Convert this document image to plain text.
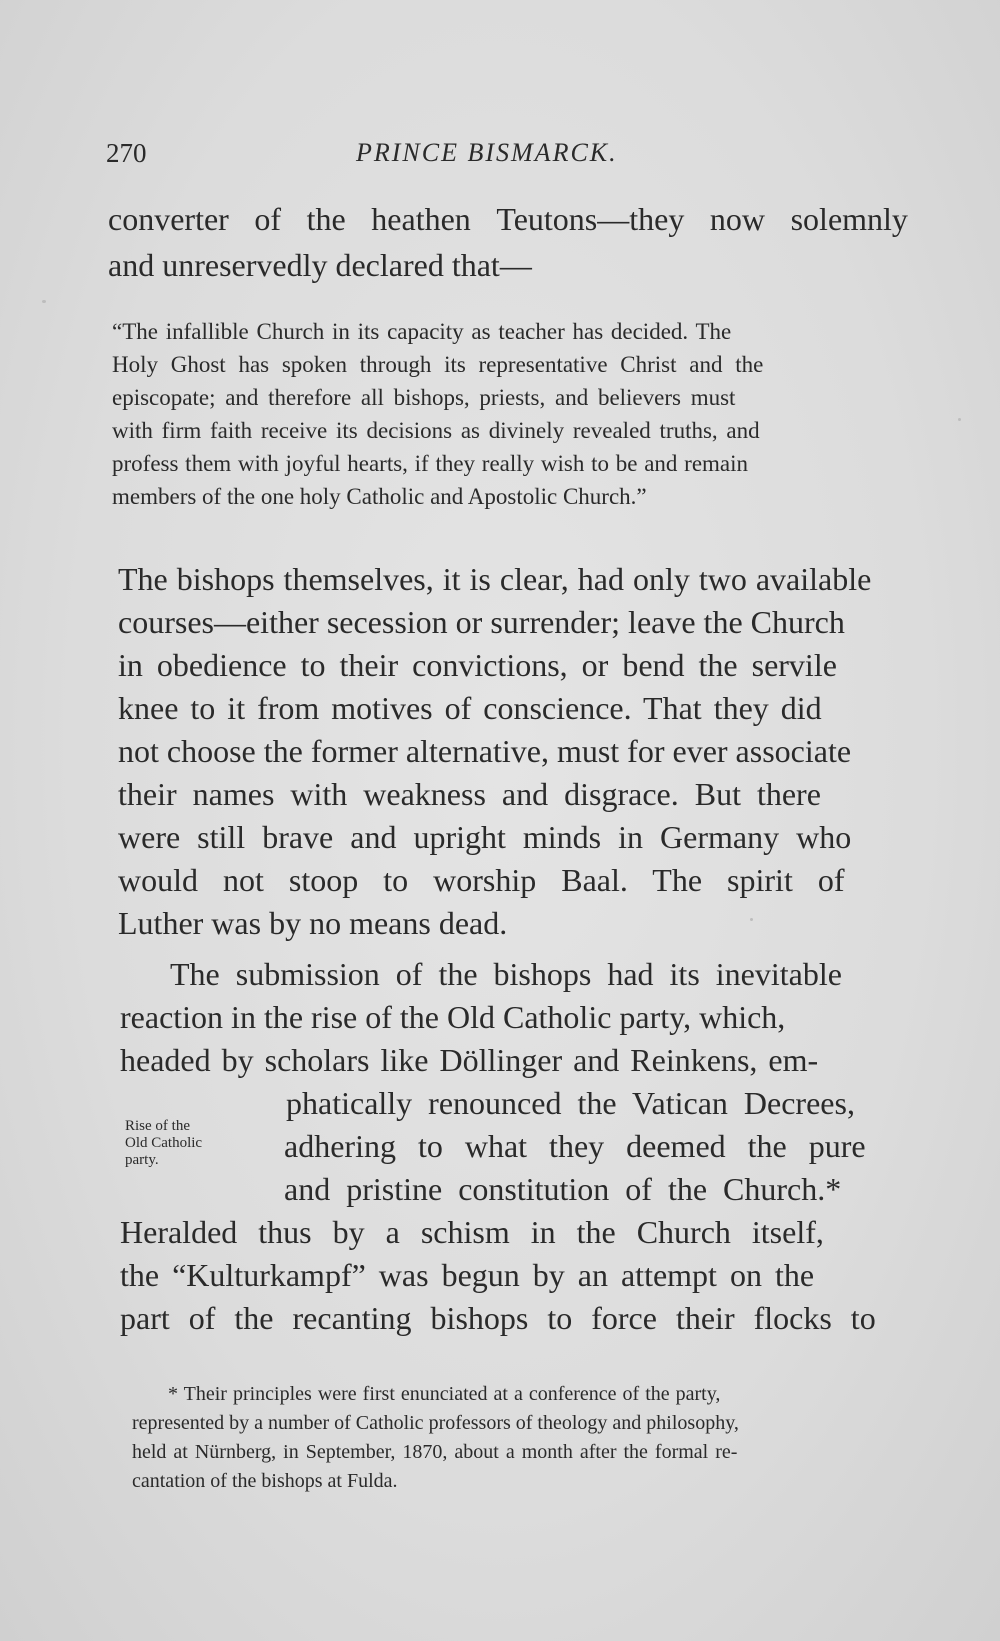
270	PRINCE BISMARCK.
converter of the heathen Teutons—they now solemnly
and unreservedly declared that—
“The infallible Church in its capacity as teacher has decided. The
Holy Ghost has spoken through its representative Christ and the
episcopate; and therefore all bishops, priests, and believers must
with firm faith receive its decisions as divinely revealed truths, and
profess them with joyful hearts, if they really wish to be and remain
members of the one holy Catholic and Apostolic Church.”
The bishops themselves, it is clear, had only two available
courses—either secession or surrender; leave the Church
in obedience to their convictions, or bend the servile
knee to it from motives of conscience. That they did
not choose the former alternative, must for ever associate
their names with weakness and disgrace. But there
were still brave and upright minds in Germany who
would not stoop to worship Baal. The spirit of
Luther was by no means dead.
The submission of the bishops had its inevitable
reaction in the rise of the Old Catholic party, which,
headed by scholars like Döllinger and Reinkens, em-
phatically renounced the Vatican Decrees,
adhering to what they deemed the pure
and pristine constitution of the Church.*
Heralded thus by a schism in the Church itself,
the “Kulturkampf” was begun by an attempt on the
part of the recanting bishops to force their flocks to
Rise of the
Old Catholic
party.
* Their principles were first enunciated at a conference of the party,
represented by a number of Catholic professors of theology and philosophy,
held at Nürnberg, in September, 1870, about a month after the formal re-
cantation of the bishops at Fulda.
